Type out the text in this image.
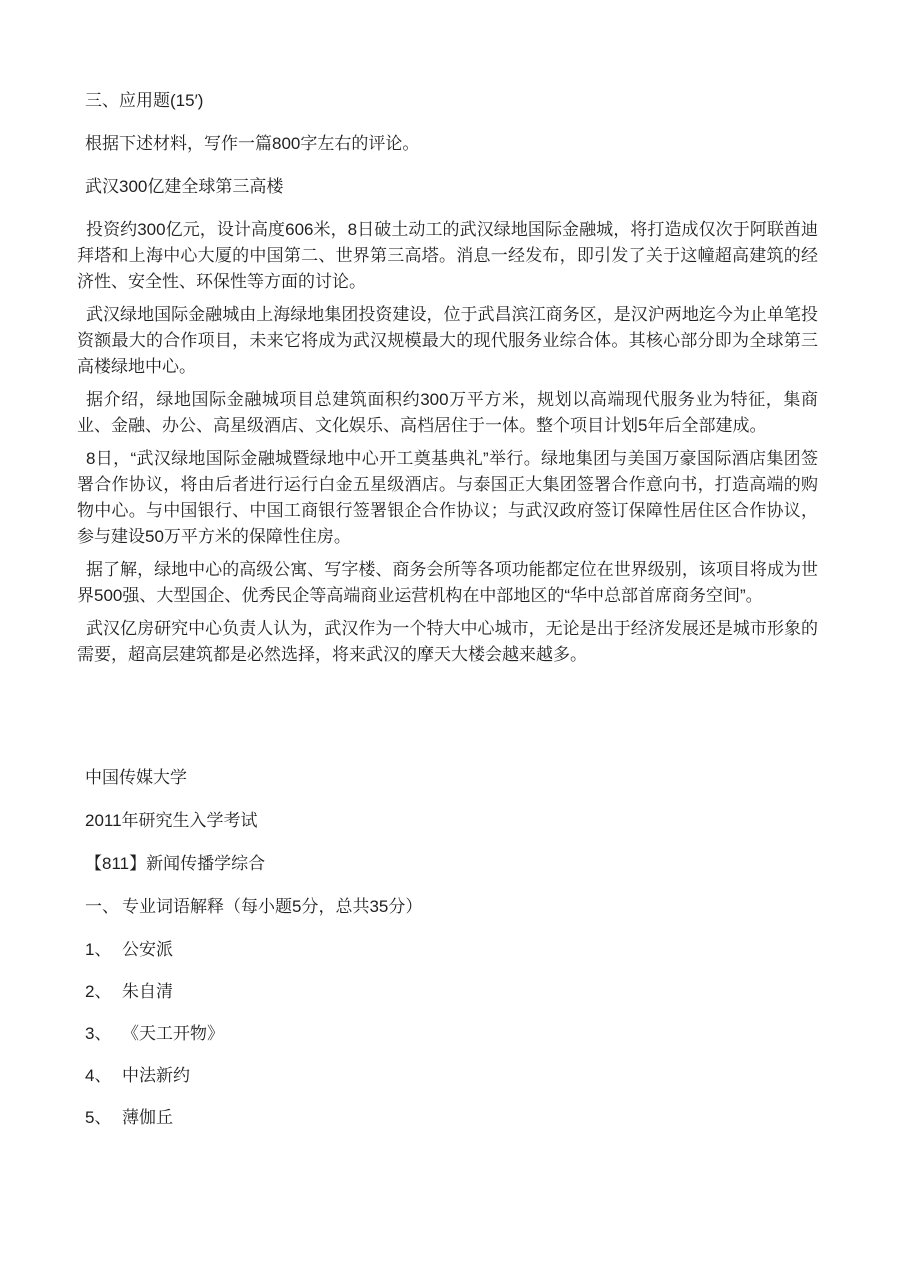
三、应用题(15′)

根据下述材料，写作一篇800字左右的评论。

武汉300亿建全球第三高楼

投资约300亿元，设计高度606米，8日破土动工的武汉绿地国际金融城，将打造成仅次于阿联酋迪拜塔和上海中心大厦的中国第二、世界第三高塔。消息一经发布，即引发了关于这幢超高建筑的经济性、安全性、环保性等方面的讨论。

武汉绿地国际金融城由上海绿地集团投资建设，位于武昌滨江商务区，是汉沪两地迄今为止单笔投资额最大的合作项目，未来它将成为武汉规模最大的现代服务业综合体。其核心部分即为全球第三高楼绿地中心。

据介绍，绿地国际金融城项目总建筑面积约300万平方米，规划以高端现代服务业为特征，集商业、金融、办公、高星级酒店、文化娱乐、高档居住于一体。整个项目计划5年后全部建成。

8日，“武汉绿地国际金融城暨绿地中心开工奠基典礼”举行。绿地集团与美国万豪国际酒店集团签署合作协议，将由后者进行运行白金五星级酒店。与泰国正大集团签署合作意向书，打造高端的购物中心。与中国银行、中国工商银行签署银企合作协议；与武汉政府签订保障性居住区合作协议，参与建设50万平方米的保障性住房。

据了解，绿地中心的高级公寓、写字楼、商务会所等各项功能都定位在世界级别，该项目将成为世界500强、大型国企、优秀民企等高端商业运营机构在中部地区的“华中总部首席商务空间”。

武汉亿房研究中心负责人认为，武汉作为一个特大中心城市，无论是出于经济发展还是城市形象的需要，超高层建筑都是必然选择，将来武汉的摩天大楼会越来越多。

中国传媒大学

2011年研究生入学考试

【811】新闻传播学综合

一、 专业词语解释（每小题5分，总共35分）

1、 公安派

2、 朱自清

3、 《天工开物》

4、 中法新约

5、 薄伽丘
